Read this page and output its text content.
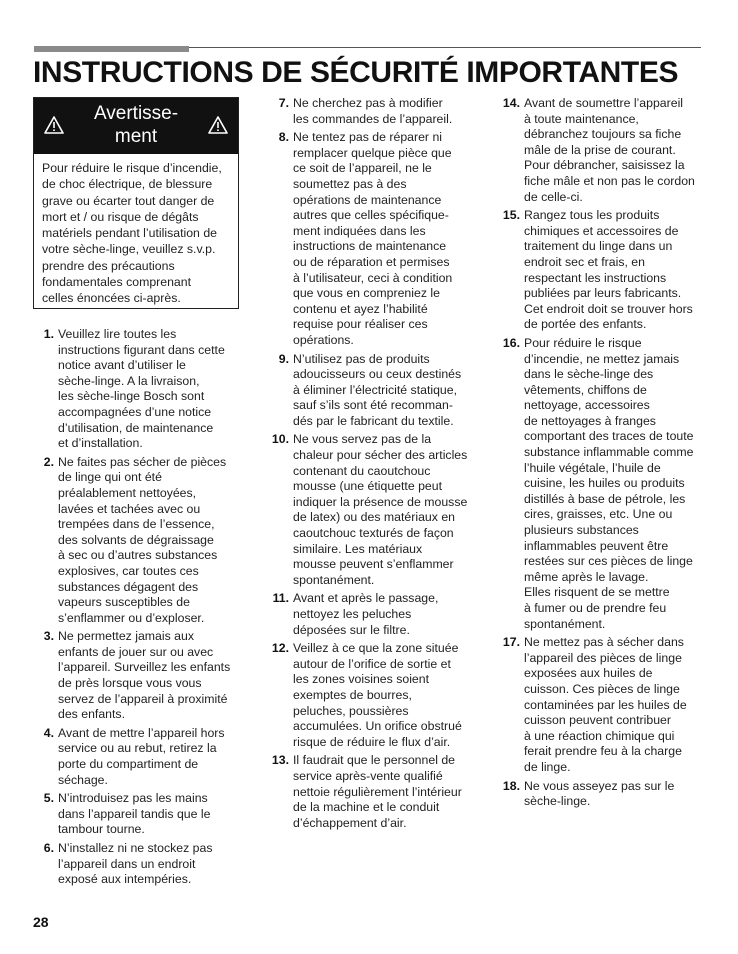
INSTRUCTIONS DE SÉCURITÉ IMPORTANTES
Avertisse-
ment
Pour réduire le risque d’incendie,
de choc électrique, de blessure
grave ou écarter tout danger de
mort et / ou risque de dégâts
matériels pendant l’utilisation de
votre sèche-linge, veuillez s.v.p.
prendre des précautions
fondamentales comprenant
celles énoncées ci-après.
1. Veuillez lire toutes les
instructions figurant dans cette
notice avant d’utiliser le
sèche-linge. A la livraison,
les sèche-linge Bosch sont
accompagnées d’une notice
d’utilisation, de maintenance
et d’installation.
2. Ne faites pas sécher de pièces
de linge qui ont été
préalablement nettoyées,
lavées et tachées avec ou
trempées dans de l’essence,
des solvants de dégraissage
à sec ou d’autres substances
explosives, car toutes ces
substances dégagent des
vapeurs susceptibles de
s’enflammer ou d’exploser.
3. Ne permettez jamais aux
enfants de jouer sur ou avec
l’appareil. Surveillez les enfants
de près lorsque vous vous
servez de l’appareil à proximité
des enfants.
4. Avant de mettre l’appareil hors
service ou au rebut, retirez la
porte du compartiment de
séchage.
5. N’introduisez pas les mains
dans l’appareil tandis que le
tambour tourne.
6. N’installez ni ne stockez pas
l’appareil dans un endroit
exposé aux intempéries.
7. Ne cherchez pas à modifier
les commandes de l’appareil.
8. Ne tentez pas de réparer ni
remplacer quelque pièce que
ce soit de l’appareil, ne le
soumettez pas à des
opérations de maintenance
autres que celles spécifique-
ment indiquées dans les
instructions de maintenance
ou de réparation et permises
à l’utilisateur, ceci à condition
que vous en compreniez le
contenu et ayez l’habilité
requise pour réaliser ces
opérations.
9. N’utilisez pas de produits
adoucisseurs ou ceux destinés
à éliminer l’électricité statique,
sauf s’ils sont été recomman-
dés par le fabricant du textile.
10. Ne vous servez pas de la
chaleur pour sécher des articles
contenant du caoutchouc
mousse (une étiquette peut
indiquer la présence de mousse
de latex) ou des matériaux en
caoutchouc texturés de façon
similaire. Les matériaux
mousse peuvent s’enflammer
spontanément.
11. Avant et après le passage,
nettoyez les peluches
déposées sur le filtre.
12. Veillez à ce que la zone située
autour de l’orifice de sortie et
les zones voisines soient
exemptes de bourres,
peluches, poussières
accumulées. Un orifice obstrué
risque de réduire le flux d’air.
13. Il faudrait que le personnel de
service après-vente qualifié
nettoie régulièrement l’intérieur
de la machine et le conduit
d’échappement d’air.
14. Avant de soumettre l’appareil
à toute maintenance,
débranchez toujours sa fiche
mâle de la prise de courant.
Pour débrancher, saisissez la
fiche mâle et non pas le cordon
de celle-ci.
15. Rangez tous les produits
chimiques et accessoires de
traitement du linge dans un
endroit sec et frais, en
respectant les instructions
publiées par leurs fabricants.
Cet endroit doit se trouver hors
de portée des enfants.
16. Pour réduire le risque
d’incendie, ne mettez jamais
dans le sèche-linge des
vêtements, chiffons de
nettoyage, accessoires
de nettoyages à franges
comportant des traces de toute
substance inflammable comme
l’huile végétale, l’huile de
cuisine, les huiles ou produits
distillés à base de pétrole, les
cires, graisses, etc. Une ou
plusieurs substances
inflammables peuvent être
restées sur ces pièces de linge
même après le lavage.
Elles risquent de se mettre
à fumer ou de prendre feu
spontanément.
17. Ne mettez pas à sécher dans
l’appareil des pièces de linge
exposées aux huiles de
cuisson. Ces pièces de linge
contaminées par les huiles de
cuisson peuvent contribuer
à une réaction chimique qui
ferait prendre feu à la charge
de linge.
18. Ne vous asseyez pas sur le
sèche-linge.
28
